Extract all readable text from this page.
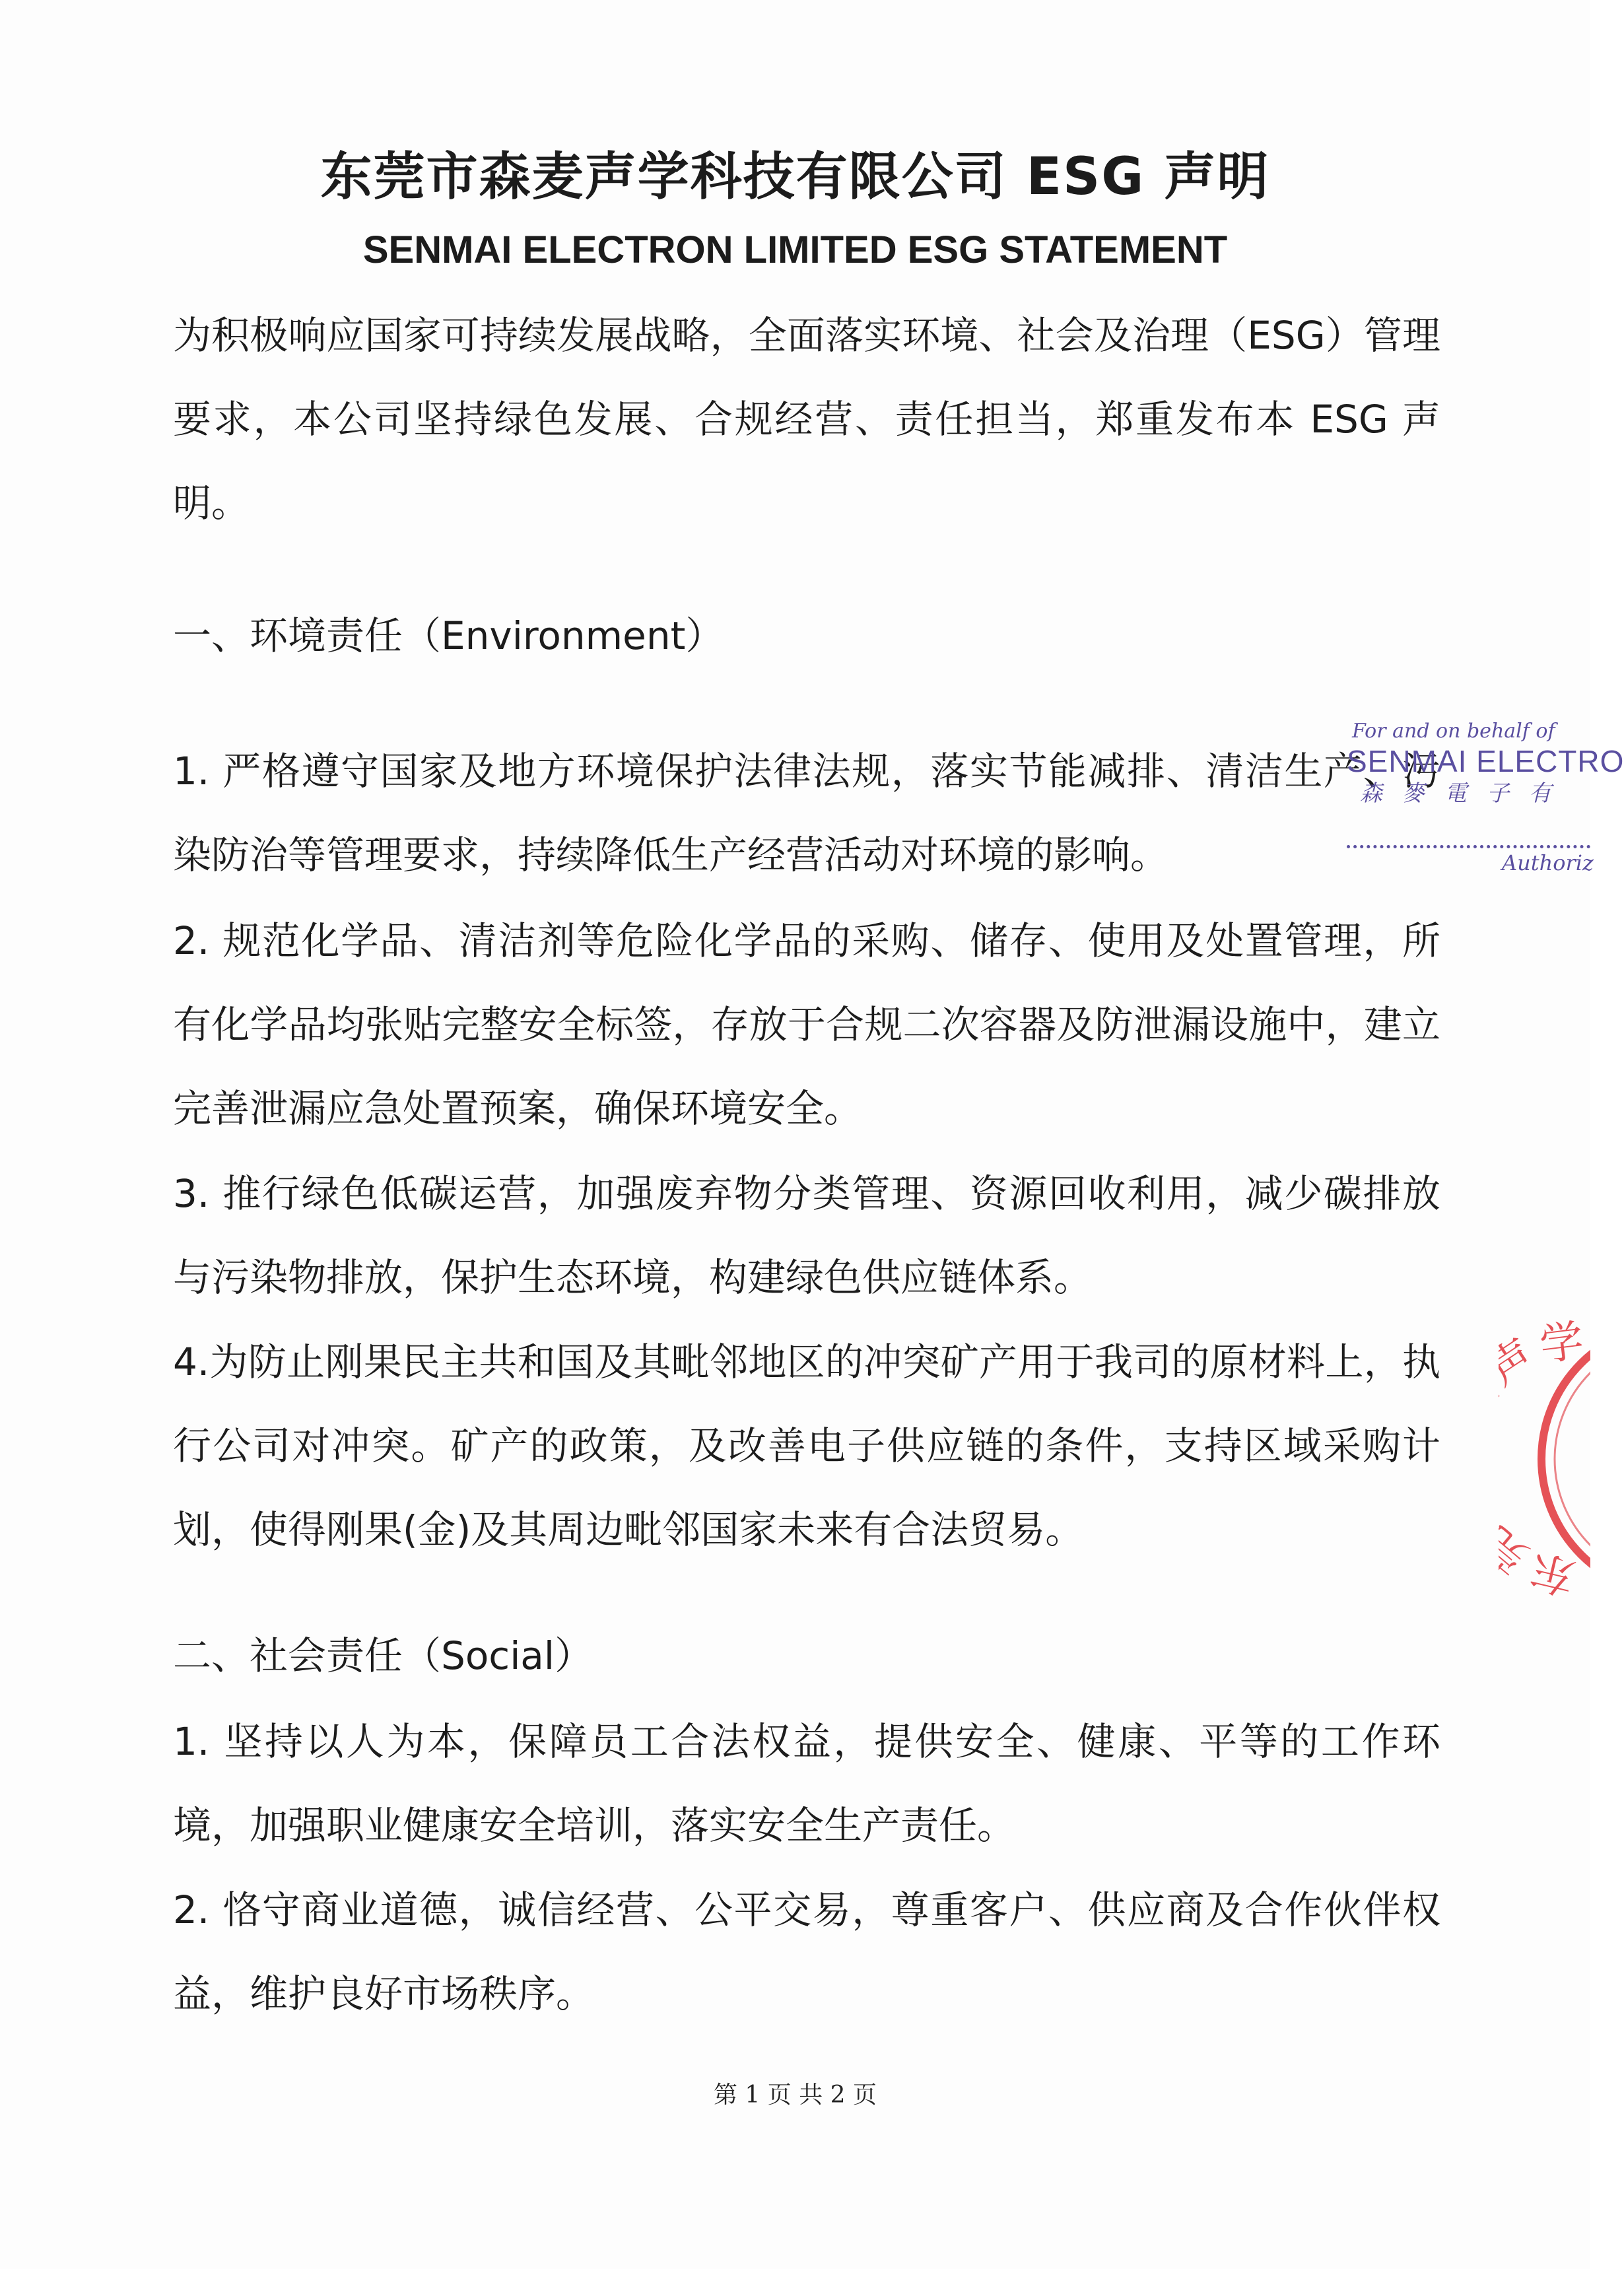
东莞市森麦声学科技有限公司 ESG 声明
SENMAI ELECTRON LIMITED ESG STATEMENT

为积极响应国家可持续发展战略，全面落实环境、社会及治理（ESG）管理要求，本公司坚持绿色发展、合规经营、责任担当，郑重发布本 ESG 声明。

一、环境责任（Environment）

1. 严格遵守国家及地方环境保护法律法规，落实节能减排、清洁生产、污染防治等管理要求，持续降低生产经营活动对环境的影响。

2. 规范化学品、清洁剂等危险化学品的采购、储存、使用及处置管理，所有化学品均张贴完整安全标签，存放于合规二次容器及防泄漏设施中，建立完善泄漏应急处置预案，确保环境安全。

3. 推行绿色低碳运营，加强废弃物分类管理、资源回收利用，减少碳排放与污染物排放，保护生态环境，构建绿色供应链体系。

4.为防止刚果民主共和国及其毗邻地区的冲突矿产用于我司的原材料上，执行公司对冲突。矿产的政策，及改善电子供应链的条件，支持区域采购计划，使得刚果(金)及其周边毗邻国家未来有合法贸易。

二、社会责任（Social）

1. 坚持以人为本，保障员工合法权益，提供安全、健康、平等的工作环境，加强职业健康安全培训，落实安全生产责任。

2. 恪守商业道德，诚信经营、公平交易，尊重客户、供应商及合作伙伴权益，维护良好市场秩序。

第 1 页 共 2 页
For and on behalf of
SENMAI ELECTRO
森麥電子有
Authoriz
东 学
